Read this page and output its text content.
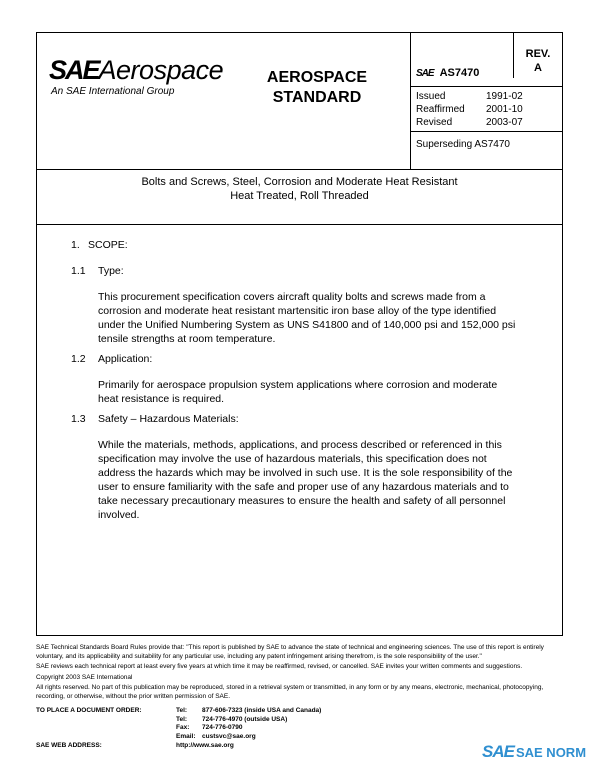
SAEAerospace
An SAE International Group
AEROSPACE
STANDARD
SAE AS7470
REV.
A
Issued	1991-02
Reaffirmed	2001-10
Revised	2003-07
Superseding AS7470
Bolts and Screws, Steel, Corrosion and Moderate Heat Resistant
Heat Treated, Roll Threaded
1. SCOPE:
1.1 Type:
This procurement specification covers aircraft quality bolts and screws made from a corrosion and moderate heat resistant martensitic iron base alloy of the type identified under the Unified Numbering System as UNS S41800 and of 140,000 psi and 152,000 psi tensile strengths at room temperature.
1.2 Application:
Primarily for aerospace propulsion system applications where corrosion and moderate heat resistance is required.
1.3 Safety – Hazardous Materials:
While the materials, methods, applications, and process described or referenced in this specification may involve the use of hazardous materials, this specification does not address the hazards which may be involved in such use. It is the sole responsibility of the user to ensure familiarity with the safe and proper use of any hazardous materials and to take necessary precautionary measures to ensure the health and safety of all personnel involved.

SAE Technical Standards Board Rules provide that: "This report is published by SAE to advance the state of technical and engineering sciences. The use of this report is entirely voluntary, and its applicability and suitability for any particular use, including any patent infringement arising therefrom, is the sole responsibility of the user."

SAE reviews each technical report at least every five years at which time it may be reaffirmed, revised, or cancelled. SAE invites your written comments and suggestions.

Copyright 2003 SAE International

All rights reserved. No part of this publication may be reproduced, stored in a retrieval system or transmitted, in any form or by any means, electronic, mechanical, photocopying, recording, or otherwise, without the prior written permission of SAE.

TO PLACE A DOCUMENT ORDER:	Tel:	877-606-7323 (inside USA and Canada)
Tel:	724-776-4970 (outside USA)
Fax:	724-776-0790
Email: custsvc@sae.org
SAE WEB ADDRESS:	http://www.sae.org	SAE SAE NORM
